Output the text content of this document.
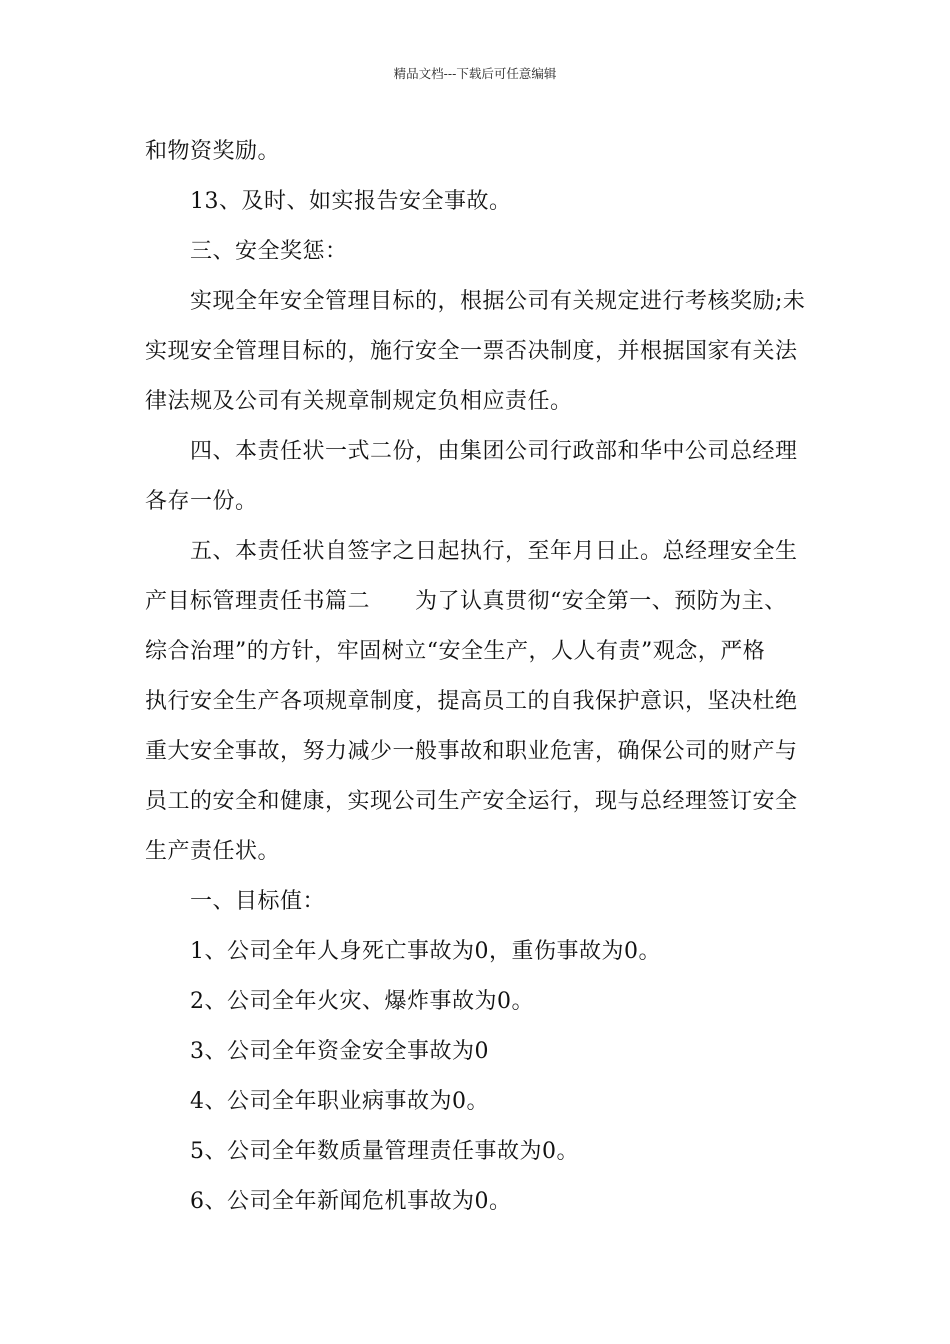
精品文档---下载后可任意编辑

和物资奖励。

13、及时、如实报告安全事故。

三、安全奖惩：

实现全年安全管理目标的，根据公司有关规定进行考核奖励;未
实现安全管理目标的，施行安全一票否决制度，并根据国家有关法
律法规及公司有关规章制规定负相应责任。

四、本责任状一式二份，由集团公司行政部和华中公司总经理
各存一份。

五、本责任状自签字之日起执行，至年月日止。总经理安全生
产目标管理责任书篇二　　为了认真贯彻“安全第一、预防为主、
综合治理”的方针，牢固树立“安全生产，人人有责”观念，严格
执行安全生产各项规章制度，提高员工的自我保护意识，坚决杜绝
重大安全事故，努力减少一般事故和职业危害，确保公司的财产与
员工的安全和健康，实现公司生产安全运行，现与总经理签订安全
生产责任状。

一、目标值：

1、公司全年人身死亡事故为0，重伤事故为0。

2、公司全年火灾、爆炸事故为0。

3、公司全年资金安全事故为0

4、公司全年职业病事故为0。

5、公司全年数质量管理责任事故为0。

6、公司全年新闻危机事故为0。
